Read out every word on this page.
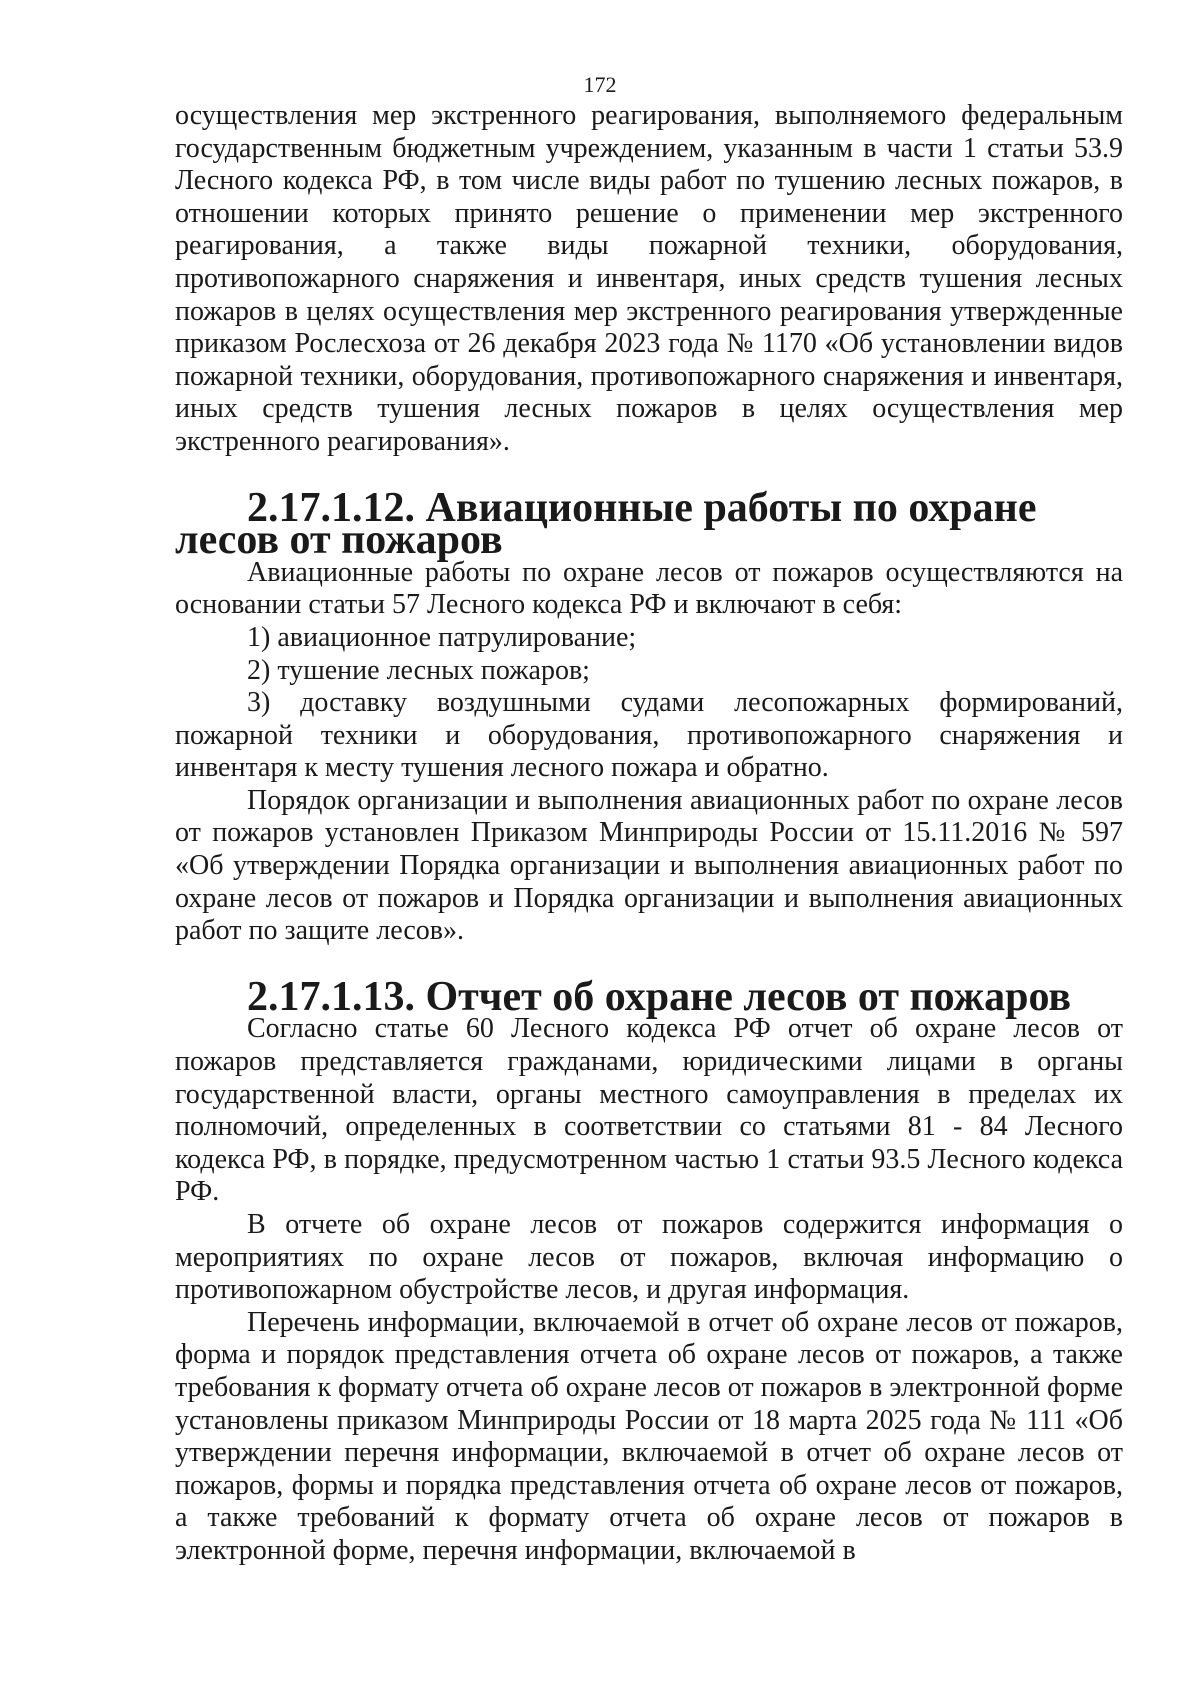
172

осуществления мер экстренного реагирования, выполняемого федеральным государственным бюджетным учреждением, указанным в части 1 статьи 53.9 Лесного кодекса РФ, в том числе виды работ по тушению лесных пожаров, в отношении которых принято решение о применении мер экстренного реагирования, а также виды пожарной техники, оборудования, противопожарного снаряжения и инвентаря, иных средств тушения лесных пожаров в целях осуществления мер экстренного реагирования утвержденные приказом Рослесхоза от 26 декабря 2023 года № 1170 «Об установлении видов пожарной техники, оборудования, противопожарного снаряжения и инвентаря, иных средств тушения лесных пожаров в целях осуществления мер экстренного реагирования».

2.17.1.12. Авиационные работы по охране лесов от пожаров

Авиационные работы по охране лесов от пожаров осуществляются на основании статьи 57 Лесного кодекса РФ и включают в себя:

1) авиационное патрулирование;

2) тушение лесных пожаров;

3) доставку воздушными судами лесопожарных формирований, пожарной техники и оборудования, противопожарного снаряжения и инвентаря к месту тушения лесного пожара и обратно.

Порядок организации и выполнения авиационных работ по охране лесов от пожаров установлен Приказом Минприроды России от 15.11.2016 № 597 «Об утверждении Порядка организации и выполнения авиационных работ по охране лесов от пожаров и Порядка организации и выполнения авиационных работ по защите лесов».

2.17.1.13. Отчет об охране лесов от пожаров

Согласно статье 60 Лесного кодекса РФ отчет об охране лесов от пожаров представляется гражданами, юридическими лицами в органы государственной власти, органы местного самоуправления в пределах их полномочий, определенных в соответствии со статьями 81 - 84 Лесного кодекса РФ, в порядке, предусмотренном частью 1 статьи 93.5 Лесного кодекса РФ.

В отчете об охране лесов от пожаров содержится информация о мероприятиях по охране лесов от пожаров, включая информацию о противопожарном обустройстве лесов, и другая информация.

Перечень информации, включаемой в отчет об охране лесов от пожаров, форма и порядок представления отчета об охране лесов от пожаров, а также требования к формату отчета об охране лесов от пожаров в электронной форме установлены приказом Минприроды России от 18 марта 2025 года № 111 «Об утверждении перечня информации, включаемой в отчет об охране лесов от пожаров, формы и порядка представления отчета об охране лесов от пожаров, а также требований к формату отчета об охране лесов от пожаров в электронной форме, перечня информации, включаемой в
